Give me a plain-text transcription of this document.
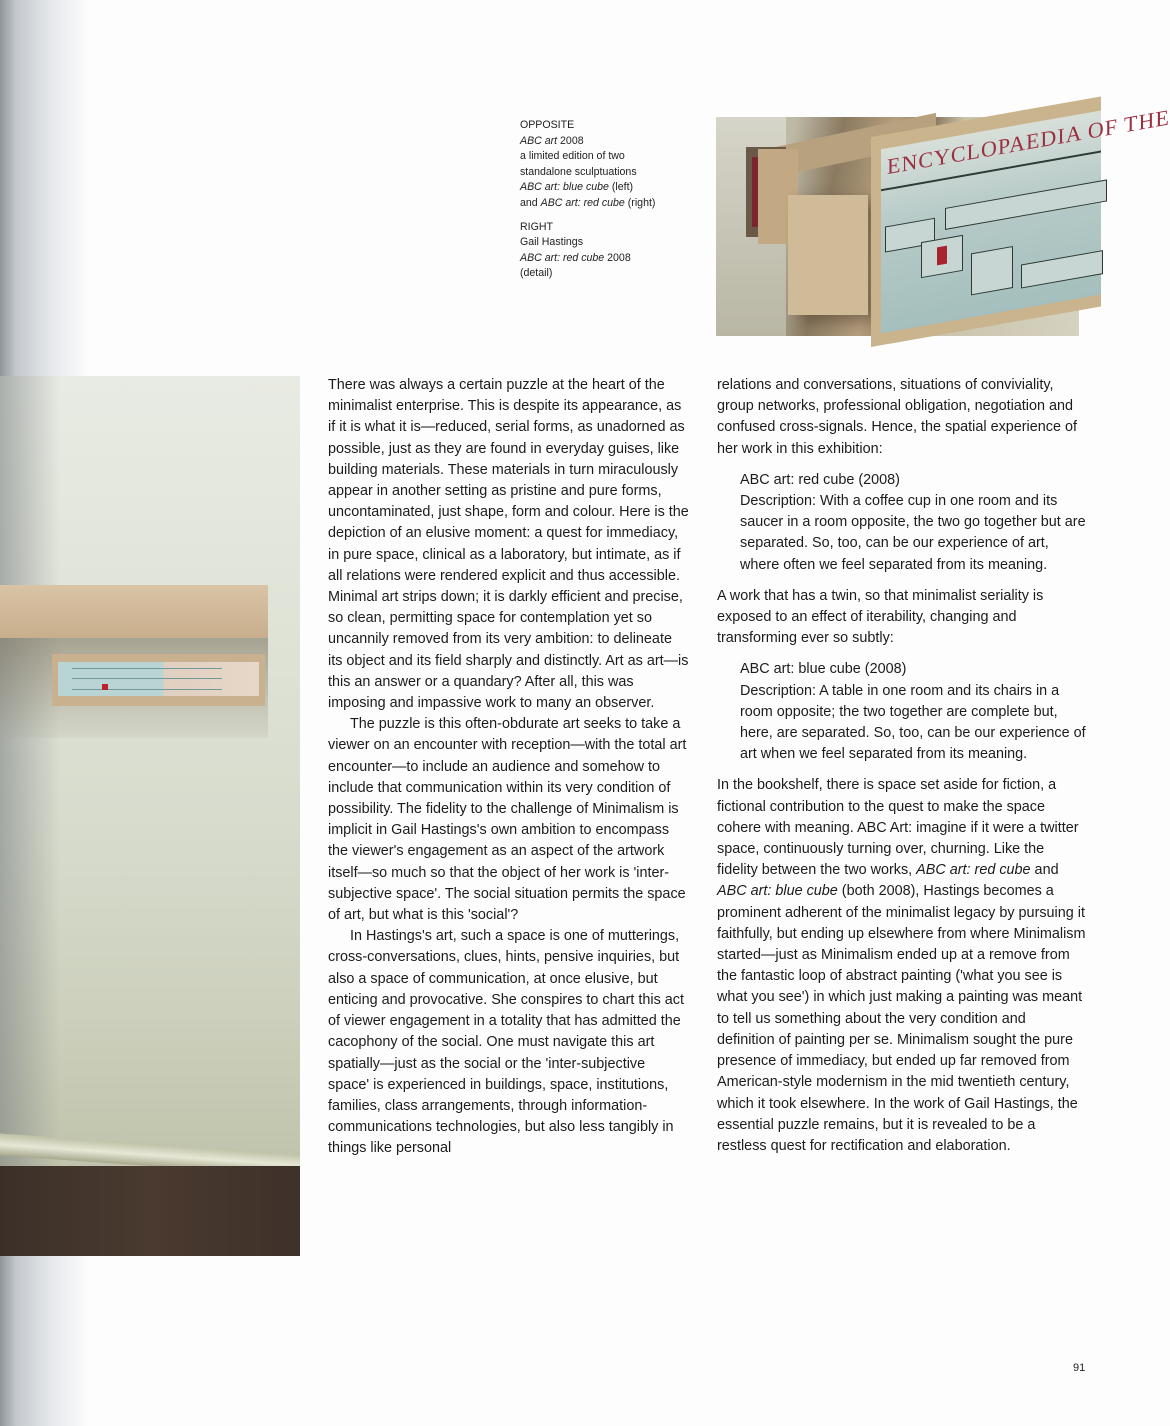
OPPOSITE

ABC art 2008

a limited edition of two

standalone sculptuations

ABC art: blue cube (left)

and ABC art: red cube (right)

RIGHT

Gail Hastings

ABC art: red cube 2008

(detail)

ENCYCLOPAEDIA OF THE

There was always a certain puzzle at the heart of the minimalist enterprise. This is despite its appearance, as if it is what it is—reduced, serial forms, as unadorned as possible, just as they are found in everyday guises, like building materials. These materials in turn miraculously appear in another setting as pristine and pure forms, uncontaminated, just shape, form and colour. Here is the depiction of an elusive moment: a quest for immediacy, in pure space, clinical as a laboratory, but intimate, as if all relations were rendered explicit and thus accessible. Minimal art strips down; it is darkly efficient and precise, so clean, permitting space for contemplation yet so uncannily removed from its very ambition: to delineate its object and its field sharply and distinctly. Art as art—is this an answer or a quandary? After all, this was imposing and impassive work to many an observer.

The puzzle is this often-obdurate art seeks to take a viewer on an encounter with reception—with the total art encounter—to include an audience and somehow to include that communication within its very condition of possibility. The fidelity to the challenge of Minimalism is implicit in Gail Hastings's own ambition to encompass the viewer's engagement as an aspect of the artwork itself—so much so that the object of her work is 'inter-subjective space'. The social situation permits the space of art, but what is this 'social'?

In Hastings's art, such a space is one of mutterings, cross-conversations, clues, hints, pensive inquiries, but also a space of communication, at once elusive, but enticing and provocative. She conspires to chart this act of viewer engagement in a totality that has admitted the cacophony of the social. One must navigate this art spatially—just as the social or the 'inter-subjective space' is experienced in buildings, space, institutions, families, class arrangements, through information-communications technologies, but also less tangibly in things like personal

relations and conversations, situations of conviviality, group networks, professional obligation, negotiation and confused cross-signals. Hence, the spatial experience of her work in this exhibition:

ABC art: red cube (2008)

Description: With a coffee cup in one room and its saucer in a room opposite, the two go together but are separated. So, too, can be our experience of art, where often we feel separated from its meaning.

A work that has a twin, so that minimalist seriality is exposed to an effect of iterability, changing and transforming ever so subtly:

ABC art: blue cube (2008)

Description: A table in one room and its chairs in a room opposite; the two together are complete but, here, are separated. So, too, can be our experience of art when we feel separated from its meaning.

In the bookshelf, there is space set aside for fiction, a fictional contribution to the quest to make the space cohere with meaning. ABC Art: imagine if it were a twitter space, continuously turning over, churning. Like the fidelity between the two works, ABC art: red cube and ABC art: blue cube (both 2008), Hastings becomes a prominent adherent of the minimalist legacy by pursuing it faithfully, but ending up elsewhere from where Minimalism started—just as Minimalism ended up at a remove from the fantastic loop of abstract painting ('what you see is what you see') in which just making a painting was meant to tell us something about the very condition and definition of painting per se. Minimalism sought the pure presence of immediacy, but ended up far removed from American-style modernism in the mid twentieth century, which it took elsewhere. In the work of Gail Hastings, the essential puzzle remains, but it is revealed to be a restless quest for rectification and elaboration.

91
